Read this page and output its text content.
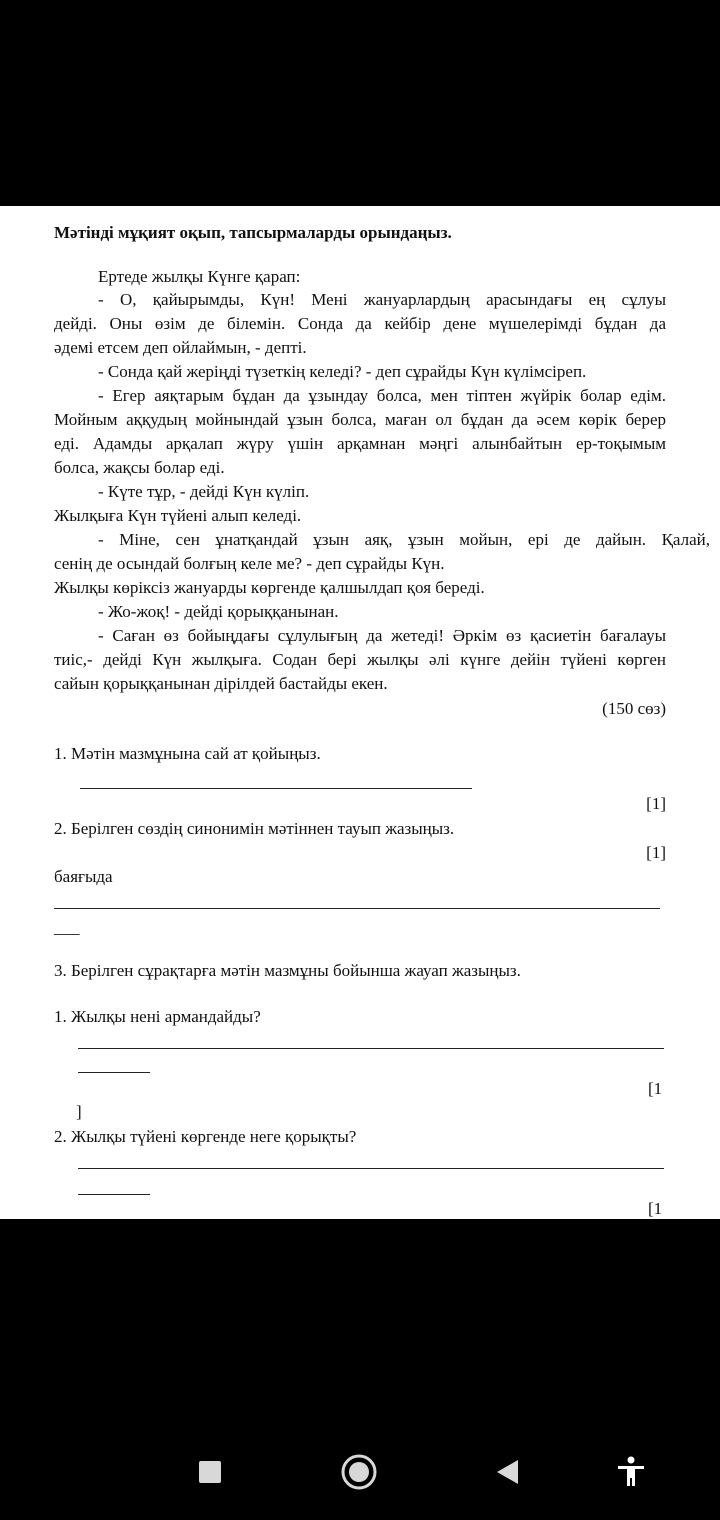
Мәтінді мұқият оқып, тапсырмаларды орындаңыз.
Ертеде жылқы Күнге қарап:
- О, қайырымды, Күн! Мені жануарлардың арасындағы ең сұлуы
дейді. Оны өзім де білемін. Сонда да кейбір дене мүшелерімді бұдан да
әдемі етсем деп ойлаймын, - депті.
- Сонда қай жеріңді түзеткің келеді? - деп сұрайды Күн күлімсіреп.
- Егер аяқтарым бұдан да ұзындау болса, мен тіптен жүйрік болар едім.
Мойным аққудың мойнындай ұзын болса, маған ол бұдан да әсем көрік берер
еді. Адамды арқалап жүру үшін арқамнан мәңгі алынбайтын ер-тоқымым
болса, жақсы болар еді.
- Күте тұр, - дейді Күн күліп.
Жылқыға Күн түйені алып келеді.
- Міне, сен ұнатқандай ұзын аяқ, ұзын мойын, ері де дайын. Қалай,
сенің де осындай болғың келе ме? - деп сұрайды Күн.
Жылқы көріксіз жануарды көргенде қалшылдап қоя береді.
- Жо-жоқ! - дейді қорыққанынан.
- Саған өз бойыңдағы сұлулығың да жетеді! Әркім өз қасиетін бағалауы
тиіс,- дейді Күн жылқыға. Содан бері жылқы әлі күнге дейін түйені көрген
сайын қорыққанынан дірілдей бастайды екен.
(150 сөз)
1. Мәтін мазмұнына сай ат қойыңыз.
[1]
2. Берілген сөздің синонимін мәтіннен тауып жазыңыз.
[1]
баяғыда
___
3. Берілген сұрақтарға мәтін мазмұны бойынша жауап жазыңыз.
1. Жылқы нені армандайды?
[1
]
2. Жылқы түйені көргенде неге қорықты?
[1
